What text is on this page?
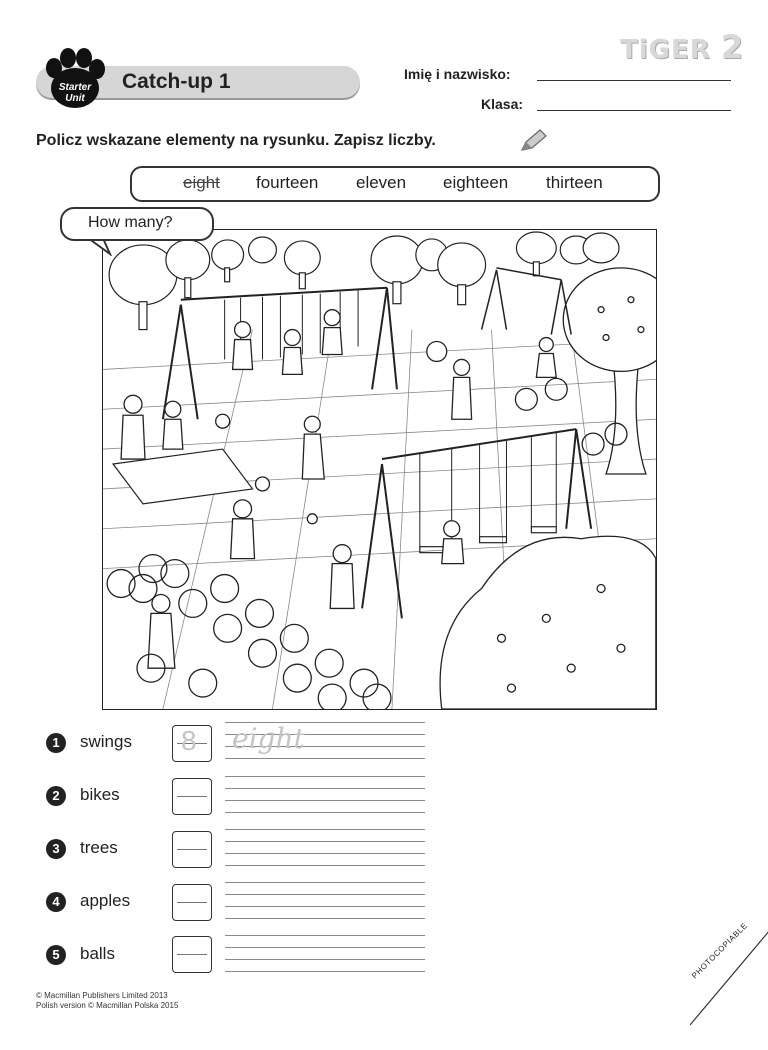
TiGER 2
Starter
Unit
Catch-up 1	Imię i nazwisko:
Klasa:
Policz wskazane elementy na rysunku. Zapisz liczby.
eight fourteen eleven eighteen thirteen
How many?
1	swings 8 eight
2	bikes
3	trees
4	apples
5	balls
© Macmillan Publishers Limited 2013
Polish version © Macmillan Polska 2015
PHOTOCOPIABLE
